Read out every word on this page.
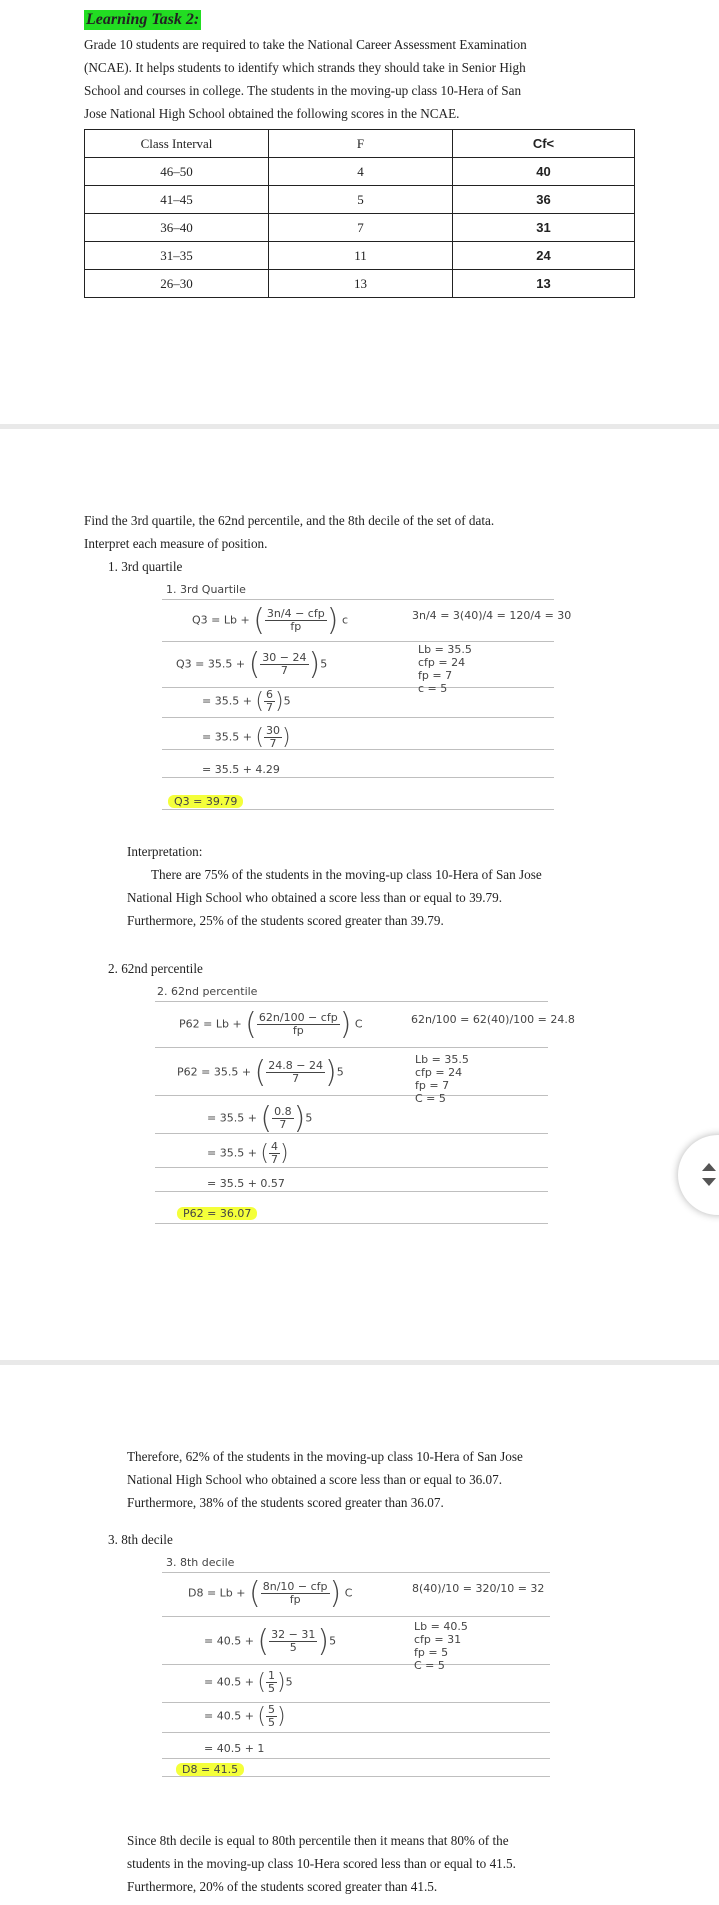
Learning Task 2:
Grade 10 students are required to take the National Career Assessment Examination
(NCAE). It helps students to identify which strands they should take in Senior High
School and courses in college. The students in the moving-up class 10-Hera of San
Jose National High School obtained the following scores in the NCAE.
Class Interval	F	Cf<
46–50	4	40
41–45	5	36
36–40	7	31
31–35	11	24
26–30	13	13
Find the 3rd quartile, the 62nd percentile, and the 8th decile of the set of data.
Interpret each measure of position.
1. 3rd quartile
1. 3rd Quartile
Q3 = Lb + ( $\frac{\text{3n/4 − cfp}}{fp}$ ) c	3n/4 = 3(40)/4 = 120/4 = 30
Lb = 35.5
cfp = 24
fp = 7
c = 5
Q3 = 35.5 + ( $\frac{30 - 24}{7} )5$
= 35.5 + ( $\frac{6}{7} )5$
= 35.5 + ( $\frac{30}{7}$ )
= 35.5 + 4.29
Q3 = 39.79
Interpretation:
There are 75% of the students in the moving-up class 10-Hera of San Jose
National High School who obtained a score less than or equal to 39.79.
Furthermore, 25% of the students scored greater than 39.79.
2. 62nd percentile
2. 62nd percentile
P62 = Lb + ( $\frac{\text{62n/100 − cfp}}{fp}$ ) C	62n/100 = 62(40)/100 = 24.8
Lb = 35.5
cfp = 24
fp = 7
C = 5
P62 = 35.5 + ( $\frac{24.8 - 24}{7} )5$
= 35.5 + ( $\frac{0.8}{7} )5$
= 35.5 + ( $\frac{4}{7}$ )
= 35.5 + 0.57
P62 = 36.07
Therefore, 62% of the students in the moving-up class 10-Hera of San Jose
National High School who obtained a score less than or equal to 36.07.
Furthermore, 38% of the students scored greater than 36.07.
3. 8th decile
3. 8th decile
D8 = Lb + ( $\frac{\text{8n/10 − cfp}}{fp}$ ) C	8(40)/10 = 320/10 = 32
Lb = 40.5
cfp = 31
fp = 5
C = 5
= 40.5 + ( $\frac{32 - 31}{5} )5$
= 40.5 + ( $\frac{1}{5} )5$
= 40.5 + ( $\frac{5}{5}$ )
= 40.5 + 1
D8 = 41.5
Since 8th decile is equal to 80th percentile then it means that 80% of the
students in the moving-up class 10-Hera scored less than or equal to 41.5.
Furthermore, 20% of the students scored greater than 41.5.
